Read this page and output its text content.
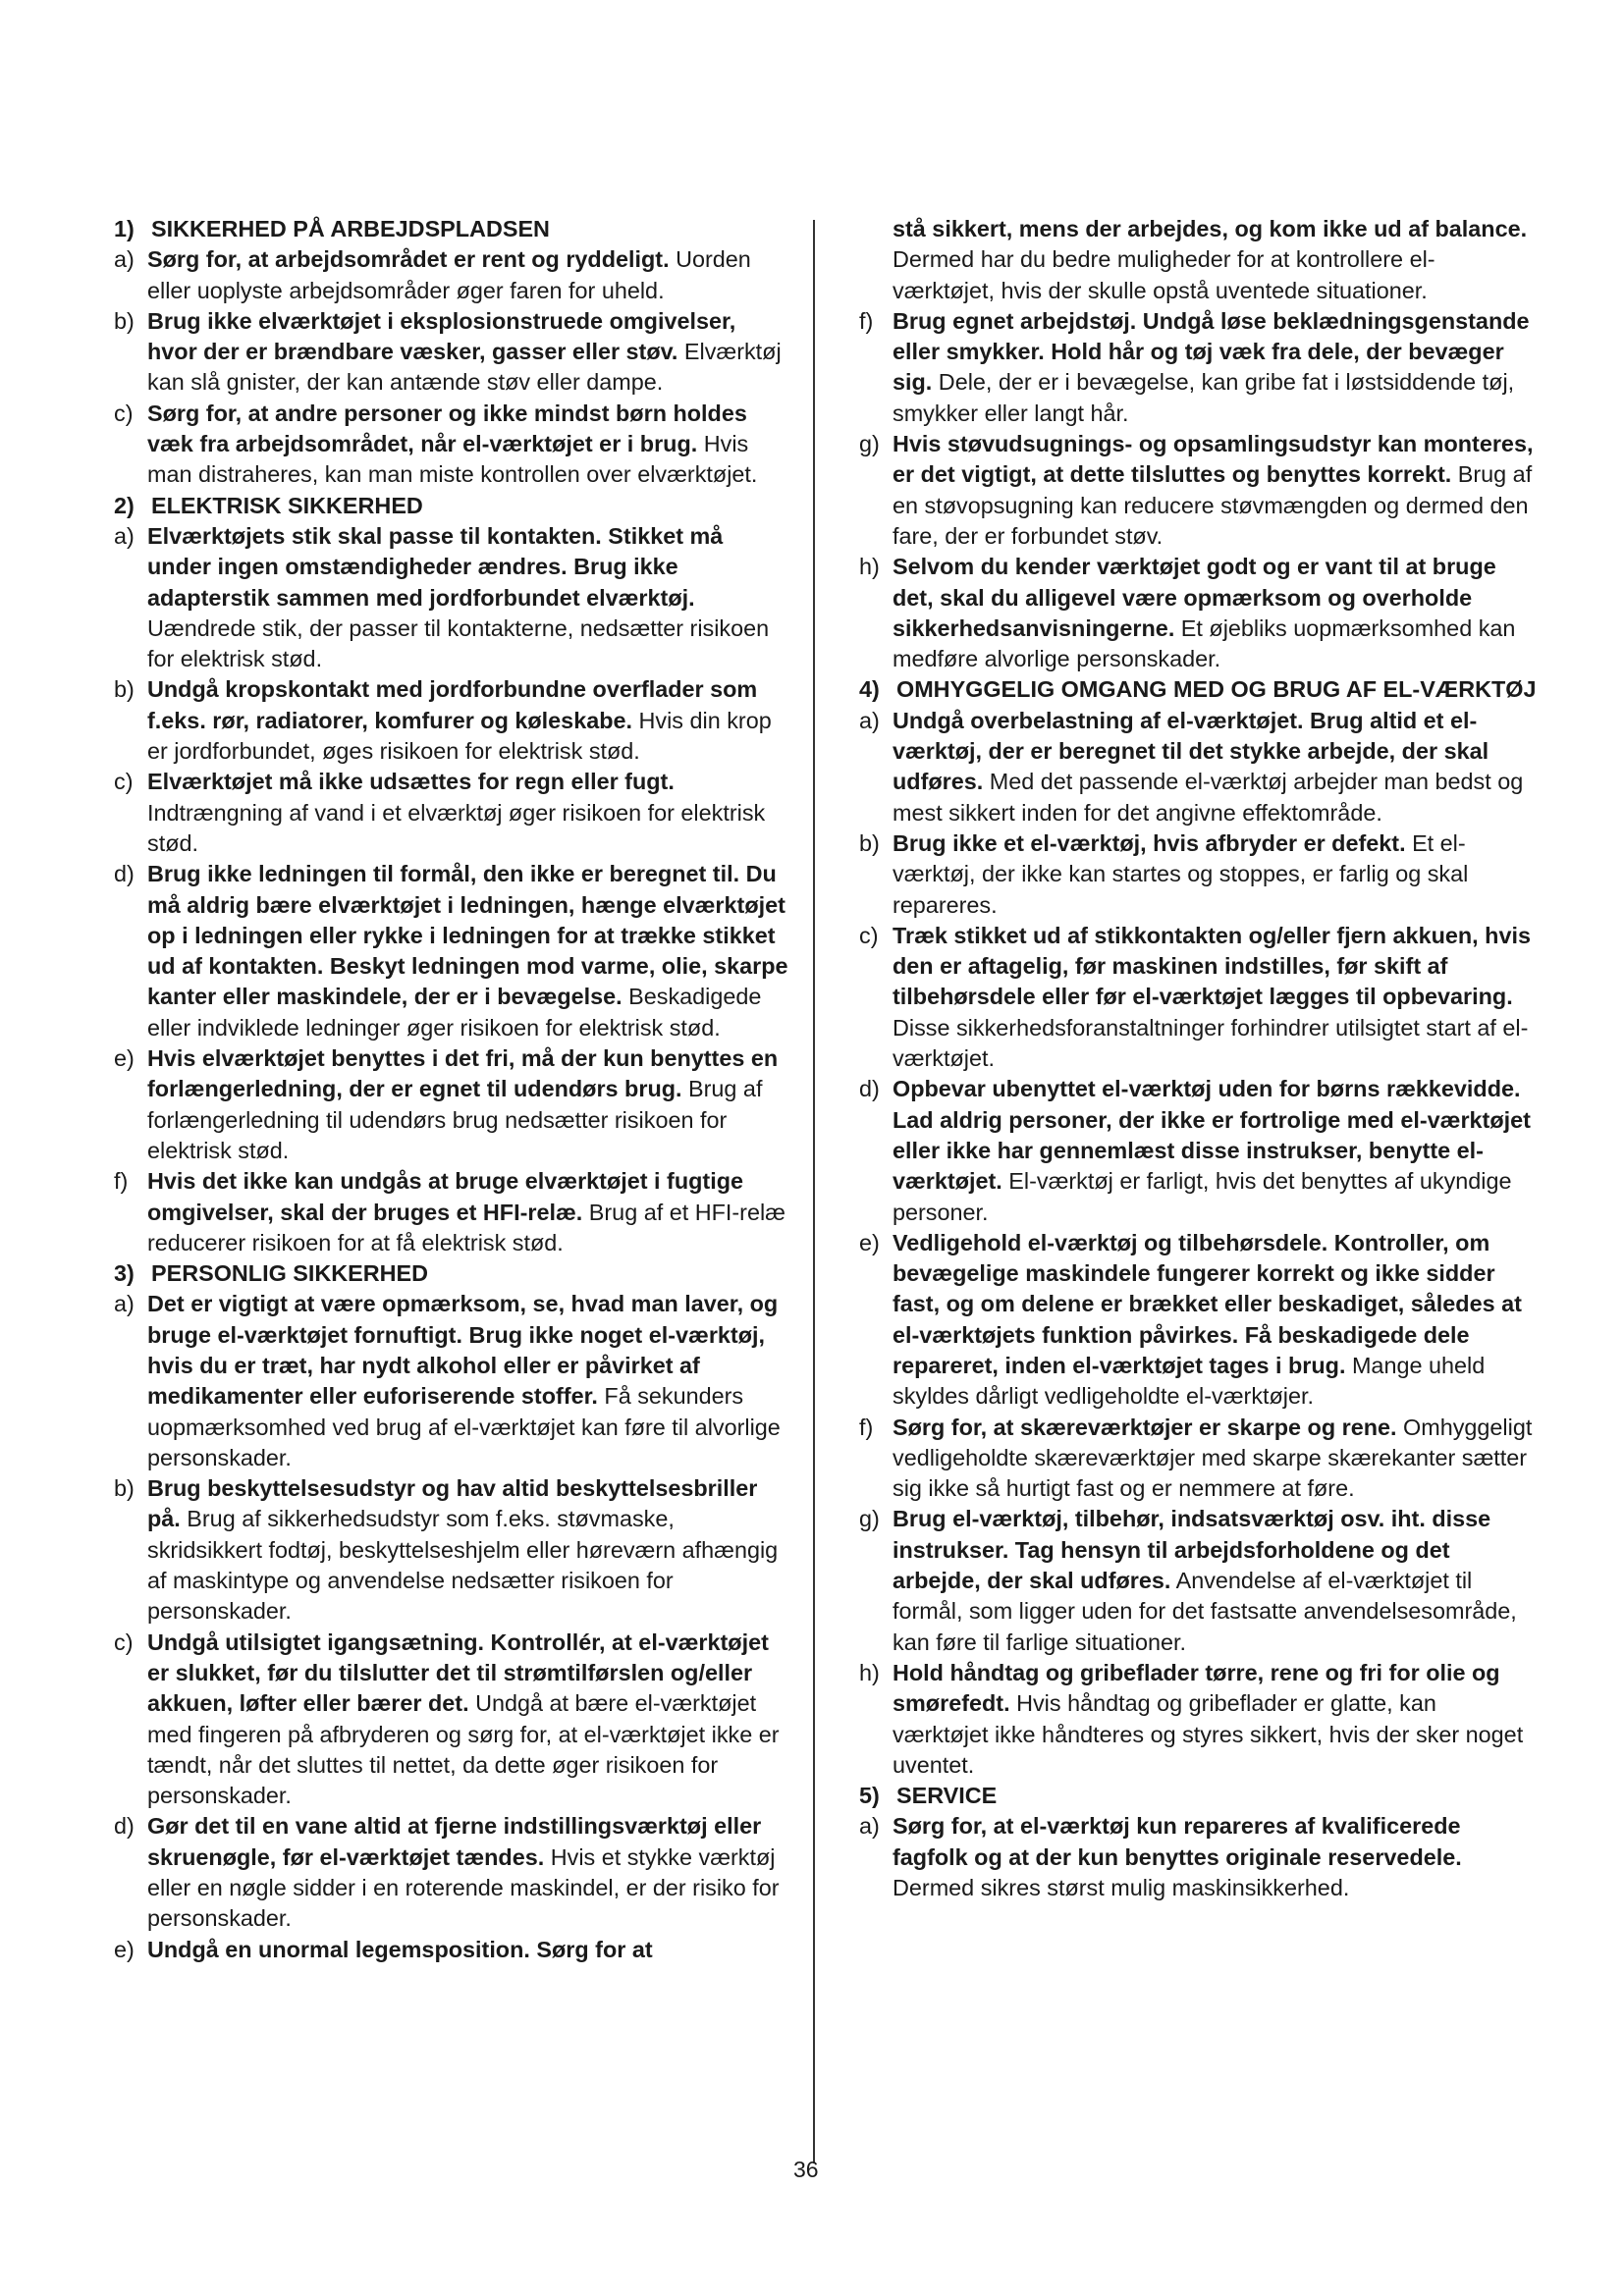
1) SIKKERHED PÅ ARBEJDSPLADSEN
a) Sørg for, at arbejdsområdet er rent og ryddeligt. Uorden eller uoplyste arbejdsområder øger faren for uheld.
b) Brug ikke elværktøjet i eksplosionstruede omgivelser, hvor der er brændbare væsker, gasser eller støv. Elværktøj kan slå gnister, der kan antænde støv eller dampe.
c) Sørg for, at andre personer og ikke mindst børn holdes væk fra arbejdsområdet, når el-værktøjet er i brug. Hvis man distraheres, kan man miste kontrollen over elværktøjet.
2) ELEKTRISK SIKKERHED
a) Elværktøjets stik skal passe til kontakten. Stikket må under ingen omstændigheder ændres. Brug ikke adapterstik sammen med jordforbundet elværktøj. Uændrede stik, der passer til kontakterne, nedsætter risikoen for elektrisk stød.
b) Undgå kropskontakt med jordforbundne overflader som f.eks. rør, radiatorer, komfurer og køleskabe. Hvis din krop er jordforbundet, øges risikoen for elektrisk stød.
c) Elværktøjet må ikke udsættes for regn eller fugt. Indtrængning af vand i et elværktøj øger risikoen for elektrisk stød.
d) Brug ikke ledningen til formål, den ikke er beregnet til. Du må aldrig bære elværktøjet i ledningen, hænge elværktøjet op i ledningen eller rykke i ledningen for at trække stikket ud af kontakten. Beskyt ledningen mod varme, olie, skarpe kanter eller maskindele, der er i bevægelse. Beskadigede eller indviklede ledninger øger risikoen for elektrisk stød.
e) Hvis elværktøjet benyttes i det fri, må der kun benyttes en forlængerledning, der er egnet til udendørs brug. Brug af forlængerledning til udendørs brug nedsætter risikoen for elektrisk stød.
f) Hvis det ikke kan undgås at bruge elværktøjet i fugtige omgivelser, skal der bruges et HFI-relæ. Brug af et HFI-relæ reducerer risikoen for at få elektrisk stød.
3) PERSONLIG SIKKERHED
a) Det er vigtigt at være opmærksom, se, hvad man laver, og bruge el-værktøjet fornuftigt. Brug ikke noget el-værktøj, hvis du er træt, har nydt alkohol eller er påvirket af medikamenter eller euforiserende stoffer. Få sekunders uopmærksomhed ved brug af el-værktøjet kan føre til alvorlige personskader.
b) Brug beskyttelsesudstyr og hav altid beskyttelsesbriller på. Brug af sikkerhedsudstyr som f.eks. støvmaske, skridsikkert fodtøj, beskyttelseshjelm eller høreværn afhængig af maskintype og anvendelse nedsætter risikoen for personskader.
c) Undgå utilsigtet igangsætning. Kontrollér, at el-værktøjet er slukket, før du tilslutter det til strømtilførslen og/eller akkuen, løfter eller bærer det. Undgå at bære el-værktøjet med fingeren på afbryderen og sørg for, at el-værktøjet ikke er tændt, når det sluttes til nettet, da dette øger risikoen for personskader.
d) Gør det til en vane altid at fjerne indstillingsværktøj eller skruenøgle, før el-værktøjet tændes. Hvis et stykke værktøj eller en nøgle sidder i en roterende maskindel, er der risiko for personskader.
e) Undgå en unormal legemsposition. Sørg for at
stå sikkert, mens der arbejdes, og kom ikke ud af balance. Dermed har du bedre muligheder for at kontrollere el-værktøjet, hvis der skulle opstå uventede situationer.
f) Brug egnet arbejdstøj. Undgå løse beklædningsgenstande eller smykker. Hold hår og tøj væk fra dele, der bevæger sig. Dele, der er i bevægelse, kan gribe fat i løstsiddende tøj, smykker eller langt hår.
g) Hvis støvudsugnings- og opsamlingsudstyr kan monteres, er det vigtigt, at dette tilsluttes og benyttes korrekt. Brug af en støvopsugning kan reducere støvmængden og dermed den fare, der er forbundet støv.
h) Selvom du kender værktøjet godt og er vant til at bruge det, skal du alligevel være opmærksom og overholde sikkerhedsanvisningerne. Et øjebliks uopmærksomhed kan medføre alvorlige personskader.
4) OMHYGGELIG OMGANG MED OG BRUG AF EL-VÆRKTØJ
a) Undgå overbelastning af el-værktøjet. Brug altid et el-værktøj, der er beregnet til det stykke arbejde, der skal udføres. Med det passende el-værktøj arbejder man bedst og mest sikkert inden for det angivne effektområde.
b) Brug ikke et el-værktøj, hvis afbryder er defekt. Et el-værktøj, der ikke kan startes og stoppes, er farlig og skal repareres.
c) Træk stikket ud af stikkontakten og/eller fjern akkuen, hvis den er aftagelig, før maskinen indstilles, før skift af tilbehørsdele eller før el-værktøjet lægges til opbevaring. Disse sikkerhedsforanstaltninger forhindrer utilsigtet start af el-værktøjet.
d) Opbevar ubenyttet el-værktøj uden for børns rækkevidde. Lad aldrig personer, der ikke er fortrolige med el-værktøjet eller ikke har gennemlæst disse instrukser, benytte el-værktøjet. El-værktøj er farligt, hvis det benyttes af ukyndige personer.
e) Vedligehold el-værktøj og tilbehørsdele. Kontroller, om bevægelige maskindele fungerer korrekt og ikke sidder fast, og om delene er brækket eller beskadiget, således at el-værktøjets funktion påvirkes. Få beskadigede dele repareret, inden el-værktøjet tages i brug. Mange uheld skyldes dårligt vedligeholdte el-værktøjer.
f) Sørg for, at skæreværktøjer er skarpe og rene. Omhyggeligt vedligeholdte skæreværktøjer med skarpe skærekanter sætter sig ikke så hurtigt fast og er nemmere at føre.
g) Brug el-værktøj, tilbehør, indsatsværktøj osv. iht. disse instrukser. Tag hensyn til arbejdsforholdene og det arbejde, der skal udføres. Anvendelse af el-værktøjet til formål, som ligger uden for det fastsatte anvendelsesområde, kan føre til farlige situationer.
h) Hold håndtag og gribeflader tørre, rene og fri for olie og smørefedt. Hvis håndtag og gribeflader er glatte, kan værktøjet ikke håndteres og styres sikkert, hvis der sker noget uventet.
5) SERVICE
a) Sørg for, at el-værktøj kun repareres af kvalificerede fagfolk og at der kun benyttes originale reservedele. Dermed sikres størst mulig maskinsikkerhed.
36
